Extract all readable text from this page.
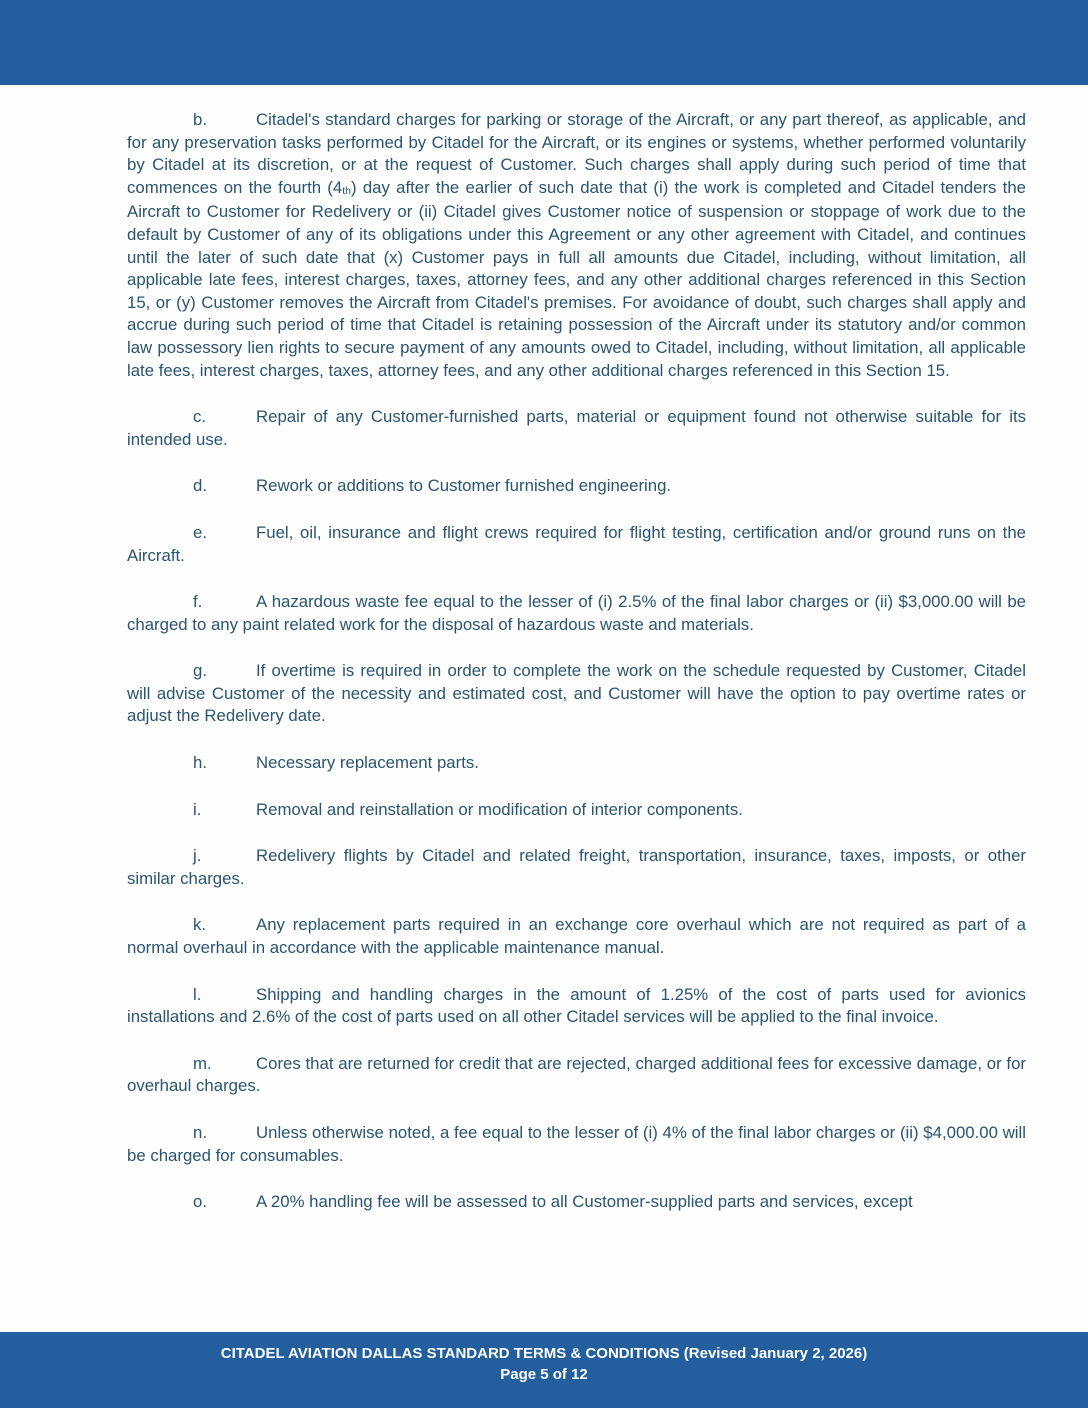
b.	Citadel's standard charges for parking or storage of the Aircraft, or any part thereof, as applicable, and for any preservation tasks performed by Citadel for the Aircraft, or its engines or systems, whether performed voluntarily by Citadel at its discretion, or at the request of Customer. Such charges shall apply during such period of time that commences on the fourth (4th) day after the earlier of such date that (i) the work is completed and Citadel tenders the Aircraft to Customer for Redelivery or (ii) Citadel gives Customer notice of suspension or stoppage of work due to the default by Customer of any of its obligations under this Agreement or any other agreement with Citadel, and continues until the later of such date that (x) Customer pays in full all amounts due Citadel, including, without limitation, all applicable late fees, interest charges, taxes, attorney fees, and any other additional charges referenced in this Section 15, or (y) Customer removes the Aircraft from Citadel's premises. For avoidance of doubt, such charges shall apply and accrue during such period of time that Citadel is retaining possession of the Aircraft under its statutory and/or common law possessory lien rights to secure payment of any amounts owed to Citadel, including, without limitation, all applicable late fees, interest charges, taxes, attorney fees, and any other additional charges referenced in this Section 15.

c.	Repair of any Customer-furnished parts, material or equipment found not otherwise suitable for its intended use.

d.	Rework or additions to Customer furnished engineering.

e.	Fuel, oil, insurance and flight crews required for flight testing, certification and/or ground runs on the Aircraft.

f.	A hazardous waste fee equal to the lesser of (i) 2.5% of the final labor charges or (ii) $3,000.00 will be charged to any paint related work for the disposal of hazardous waste and materials.

g.	If overtime is required in order to complete the work on the schedule requested by Customer, Citadel will advise Customer of the necessity and estimated cost, and Customer will have the option to pay overtime rates or adjust the Redelivery date.

h.	Necessary replacement parts.

i.	Removal and reinstallation or modification of interior components.

j.	Redelivery flights by Citadel and related freight, transportation, insurance, taxes, imposts, or other similar charges.

k.	Any replacement parts required in an exchange core overhaul which are not required as part of a normal overhaul in accordance with the applicable maintenance manual.

l.	Shipping and handling charges in the amount of 1.25% of the cost of parts used for avionics installations and 2.6% of the cost of parts used on all other Citadel services will be applied to the final invoice.

m.	Cores that are returned for credit that are rejected, charged additional fees for excessive damage, or for overhaul charges.

n.	Unless otherwise noted, a fee equal to the lesser of (i) 4% of the final labor charges or (ii) $4,000.00 will be charged for consumables.

o.	A 20% handling fee will be assessed to all Customer-supplied parts and services, except

CITADEL AVIATION DALLAS STANDARD TERMS & CONDITIONS (Revised January 2, 2026)
Page 5 of 12
